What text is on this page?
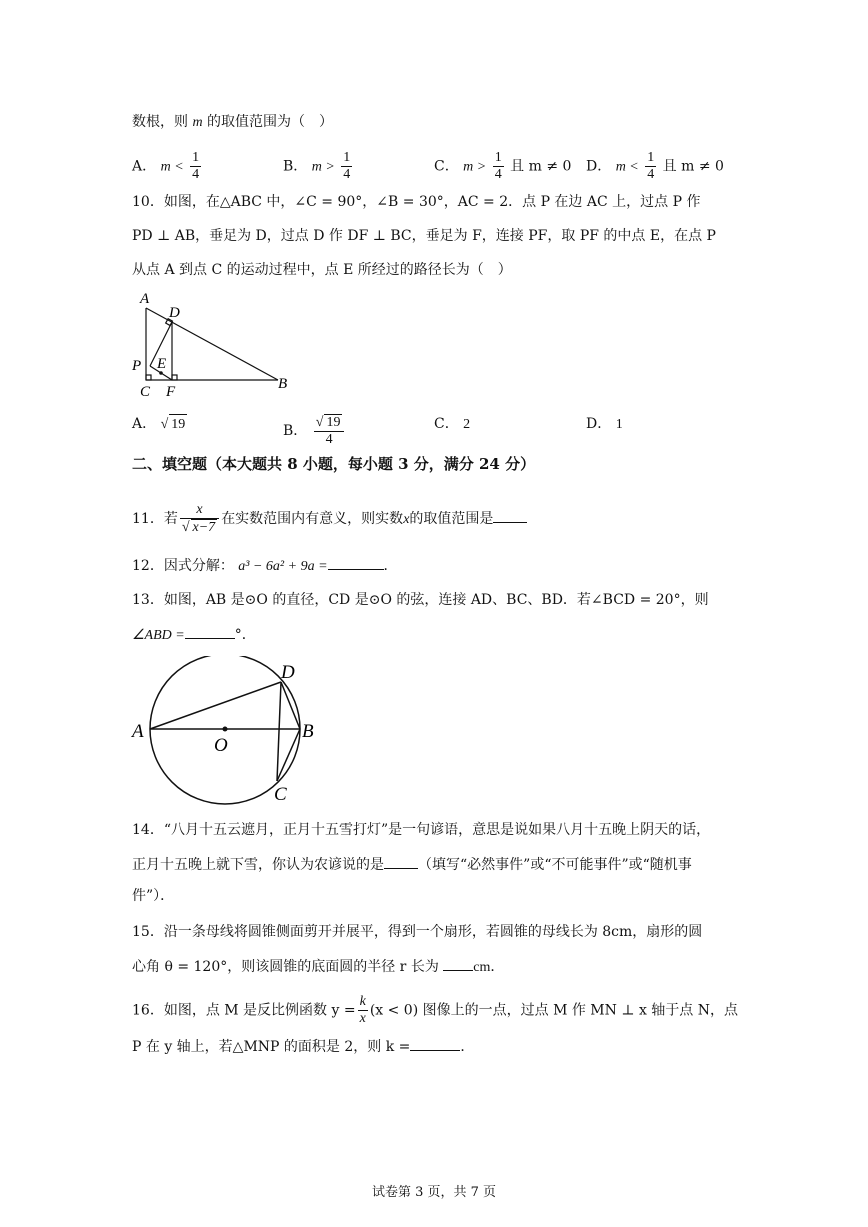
数根，则 m 的取值范围为（　）
A． $m < \frac{1}{4}$	B． $m > \frac{1}{4}$	C． $m > \frac{1}{4}$ 且 m ≠ 0 D． $m < \frac{1}{4}$ 且 m ≠ 0
10．如图，在△ABC 中，∠C = 90°，∠B = 30°，AC = 2．点 P 在边 AC 上，过点 P 作
PD ⊥ AB，垂足为 D，过点 D 作 DF ⊥ BC，垂足为 F，连接 PF，取 PF 的中点 E，在点 P
从点 A 到点 C 的运动过程中，点 E 所经过的路径长为（　）
A
D
P E
C F	B
A． √ 19	B． $\frac{√ 19}{4}$	C． 2	D． 1
二、填空题（本大题共 8 小题，每小题 3 分，满分 24 分）
11．若 $\frac{x}{√ x-7}$ 在实数范围内有意义，则实数x的取值范围是
12．因式分解： a³ − 6a² + 9a =	．
13．如图，AB 是⊙O 的直径，CD 是⊙O 的弦，连接 AD、BC、BD．若∠BCD = 20°，则
∠ABD =	°．
A
O
B
C
D
14．“八月十五云遮月，正月十五雪打灯”是一句谚语，意思是说如果八月十五晚上阴天的话，
正月十五晚上就下雪，你认为农谚说的是 （填写“必然事件”或“不可能事件”或“随机事
件”）．
15．沿一条母线将圆锥侧面剪开并展平，得到一个扇形，若圆锥的母线长为 8cm，扇形的圆
心角 θ = 120°，则该圆锥的底面圆的半径 r 长为 cm．
16．如图，点 M 是反比例函数 $y = \frac{k}{x} (x < 0)$ 图像上的一点，过点 M 作 MN ⊥ x 轴于点 N，点
P 在 y 轴上，若△MNP 的面积是 2，则 k =	．
试卷第 3 页，共 7 页
